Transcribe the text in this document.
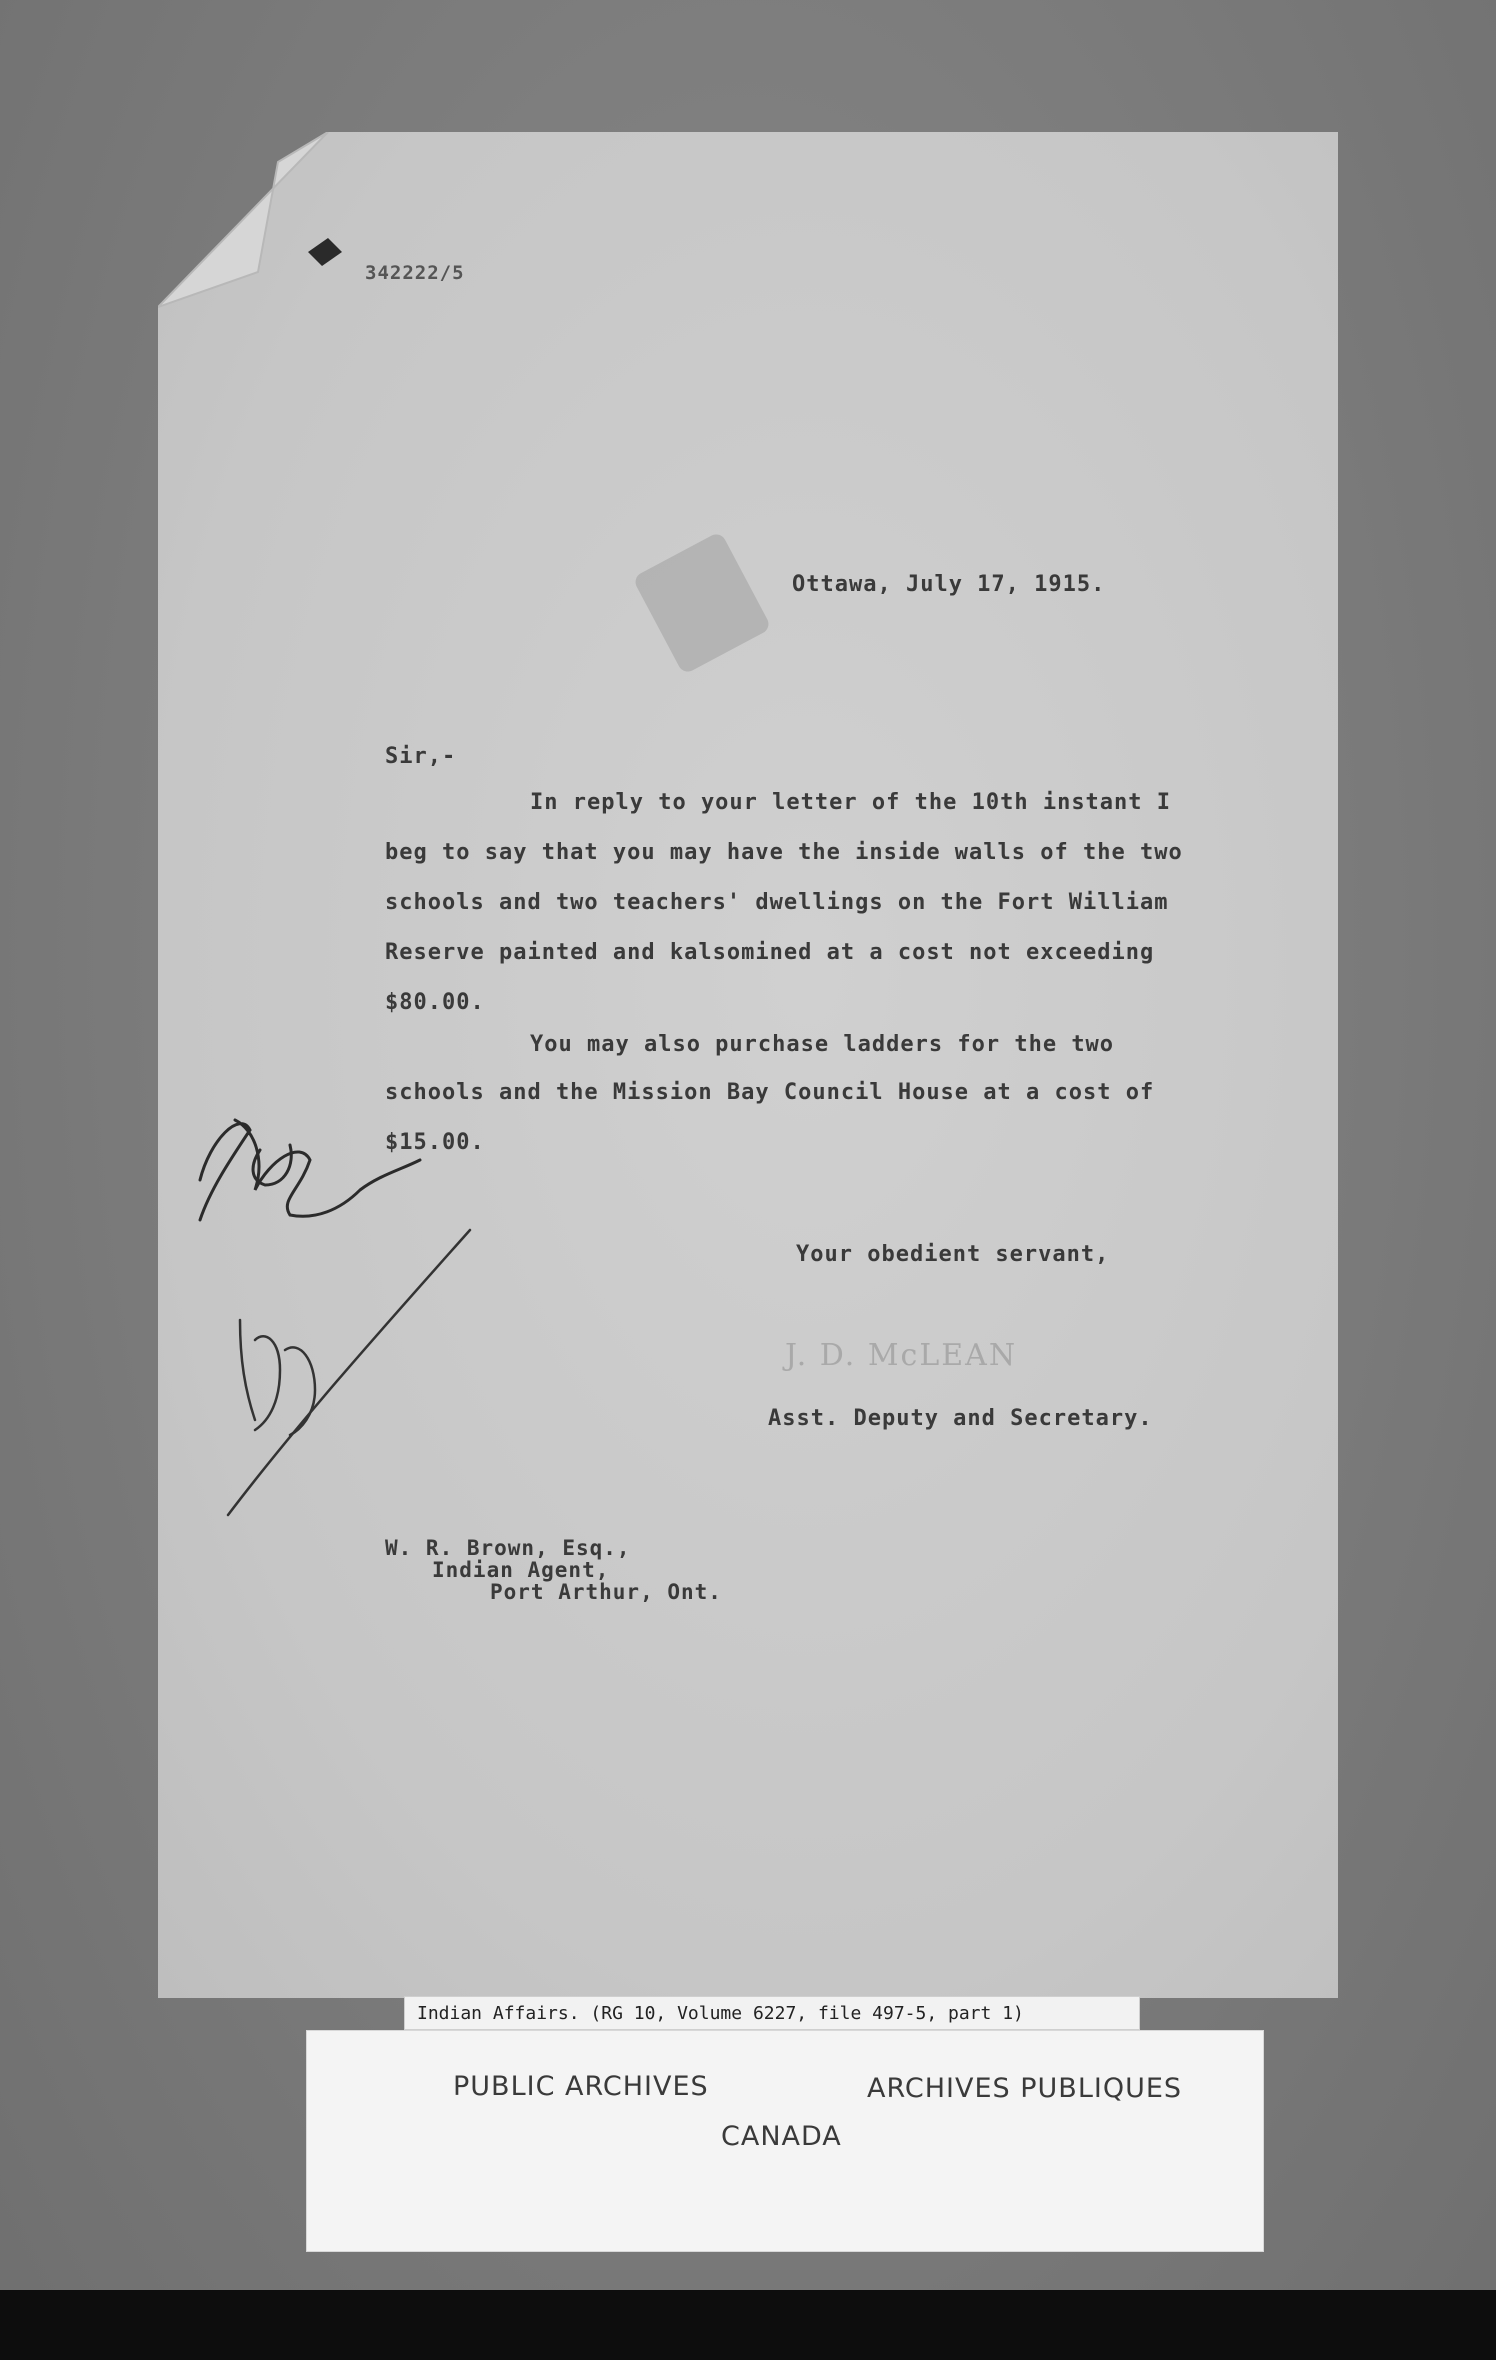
342222/5
Ottawa, July 17, 1915.
Sir,-
In reply to your letter of the 10th instant I
beg to say that you may have the inside walls of the two
schools and two teachers' dwellings on the Fort William
Reserve painted and kalsomined at a cost not exceeding
$80.00.
You may also purchase ladders for the two
schools and the Mission Bay Council House at a cost of
$15.00.
Your obedient servant,
J. D. McLEAN
Asst. Deputy and Secretary.
W. R. Brown, Esq.,
Indian Agent,
Port Arthur, Ont.
Indian Affairs. (RG 10, Volume 6227, file 497-5, part 1)
PUBLIC ARCHIVES	ARCHIVES PUBLIQUES
CANADA
